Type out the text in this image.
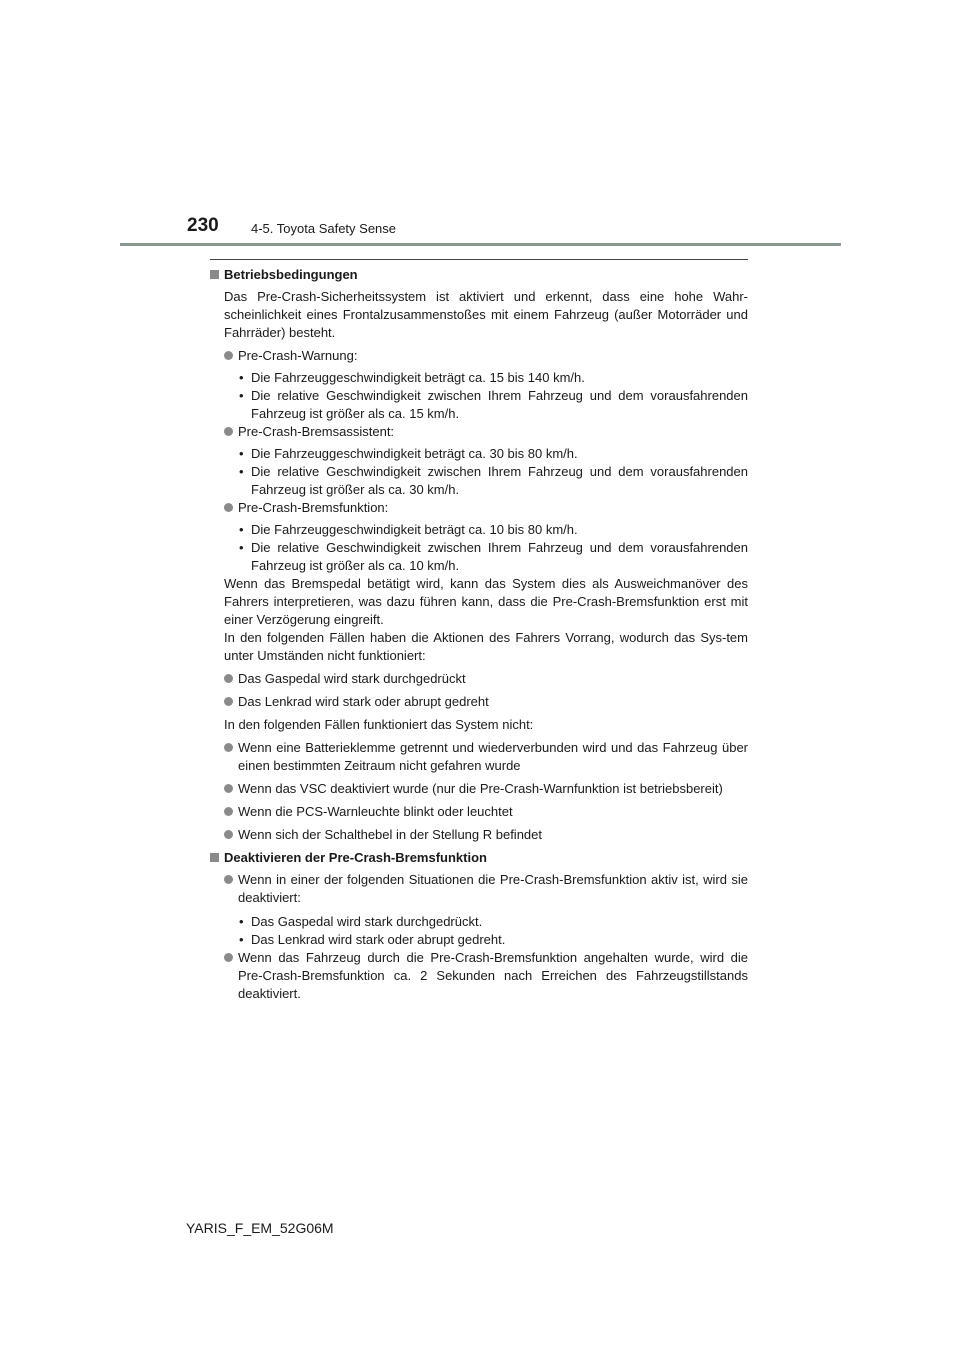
230 4-5. Toyota Safety Sense
Betriebsbedingungen

Das Pre-Crash-Sicherheitssystem ist aktiviert und erkennt, dass eine hohe Wahr-scheinlichkeit eines Frontalzusammenstoßes mit einem Fahrzeug (außer Motorräder und Fahrräder) besteht.

Pre-Crash-Warnung:
• Die Fahrzeuggeschwindigkeit beträgt ca. 15 bis 140 km/h.
• Die relative Geschwindigkeit zwischen Ihrem Fahrzeug und dem vorausfahrenden Fahrzeug ist größer als ca. 15 km/h.
Pre-Crash-Bremsassistent:
• Die Fahrzeuggeschwindigkeit beträgt ca. 30 bis 80 km/h.
• Die relative Geschwindigkeit zwischen Ihrem Fahrzeug und dem vorausfahrenden Fahrzeug ist größer als ca. 30 km/h.
Pre-Crash-Bremsfunktion:
• Die Fahrzeuggeschwindigkeit beträgt ca. 10 bis 80 km/h.
• Die relative Geschwindigkeit zwischen Ihrem Fahrzeug und dem vorausfahrenden Fahrzeug ist größer als ca. 10 km/h.

Wenn das Bremspedal betätigt wird, kann das System dies als Ausweichmanöver des Fahrers interpretieren, was dazu führen kann, dass die Pre-Crash-Bremsfunktion erst mit einer Verzögerung eingreift.

In den folgenden Fällen haben die Aktionen des Fahrers Vorrang, wodurch das Sys-tem unter Umständen nicht funktioniert:

Das Gaspedal wird stark durchgedrückt
Das Lenkrad wird stark oder abrupt gedreht

In den folgenden Fällen funktioniert das System nicht:

Wenn eine Batterieklemme getrennt und wiederverbunden wird und das Fahrzeug über einen bestimmten Zeitraum nicht gefahren wurde
Wenn das VSC deaktiviert wurde (nur die Pre-Crash-Warnfunktion ist betriebsbereit)
Wenn die PCS-Warnleuchte blinkt oder leuchtet
Wenn sich der Schalthebel in der Stellung R befindet
Deaktivieren der Pre-Crash-Bremsfunktion
Wenn in einer der folgenden Situationen die Pre-Crash-Bremsfunktion aktiv ist, wird sie deaktiviert:
• Das Gaspedal wird stark durchgedrückt.
• Das Lenkrad wird stark oder abrupt gedreht.
Wenn das Fahrzeug durch die Pre-Crash-Bremsfunktion angehalten wurde, wird die Pre-Crash-Bremsfunktion ca. 2 Sekunden nach Erreichen des Fahrzeugstillstands deaktiviert.
YARIS_F_EM_52G06M
